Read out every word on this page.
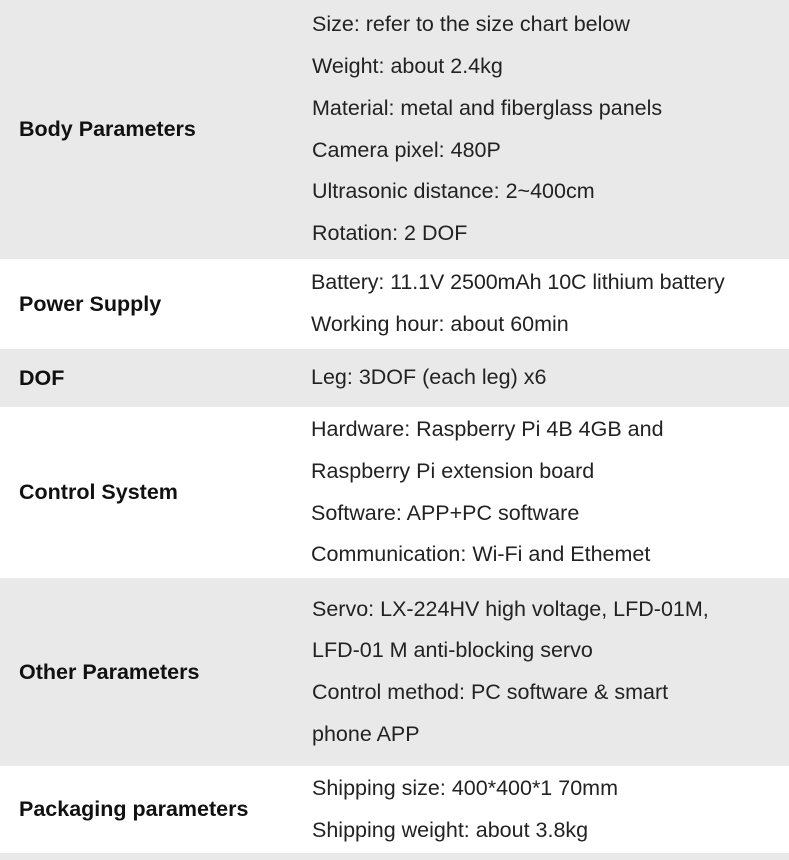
Body Parameters
Size: refer to the size chart below
Weight: about 2.4kg
Material: metal and fiberglass panels
Camera pixel: 480P
Ultrasonic distance: 2~400cm
Rotation: 2 DOF
Power Supply
Battery: 11.1V 2500mAh 10C lithium battery
Working hour: about 60min
DOF	Leg: 3DOF (each leg) x6
Control System
Hardware: Raspberry Pi 4B 4GB and
Raspberry Pi extension board
Software: APP+PC software
Communication: Wi-Fi and Ethemet
Other Parameters
Servo: LX-224HV high voltage, LFD-01M,
LFD-01 M anti-blocking servo
Control method: PC software & smart
phone APP
Packaging parameters
Shipping size: 400*400*1 70mm
Shipping weight: about 3.8kg
